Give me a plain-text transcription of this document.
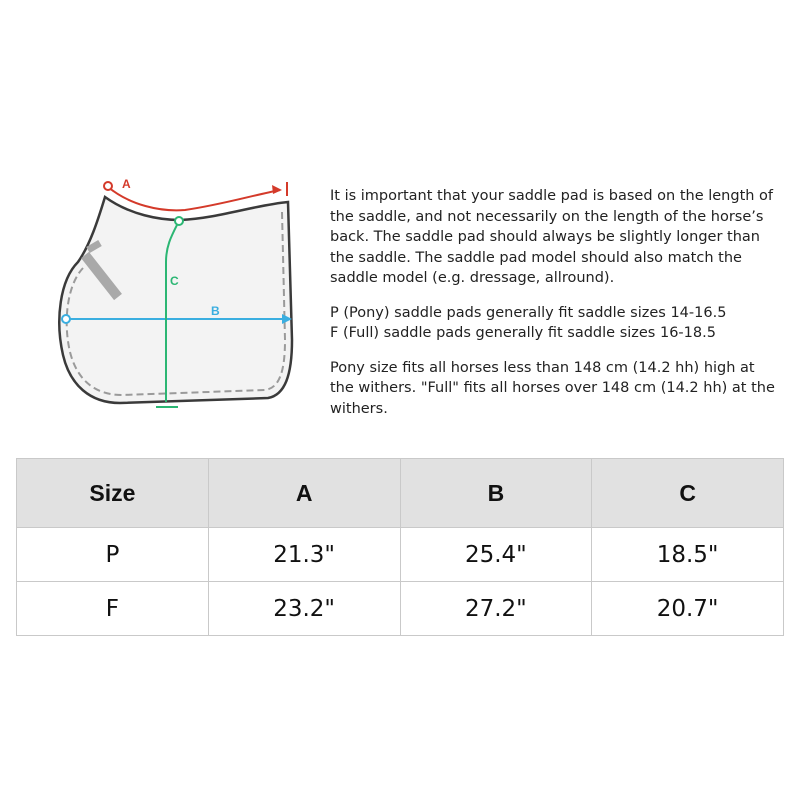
A
B
C

It is important that your saddle pad is based on the length of the saddle, and not necessarily on the length of the horse’s back. The saddle pad should always be slightly longer than the saddle. The saddle pad model should also match the saddle model (e.g. dressage, allround).

P (Pony) saddle pads generally fit saddle sizes 14-16.5

F (Full) saddle pads generally fit saddle sizes 16-18.5

Pony size fits all horses less than 148 cm (14.2 hh) high at the withers. "Full" fits all horses over 148 cm (14.2 hh) at the withers.

Size	A	B	C
P	21.3"	25.4"	18.5"
F	23.2"	27.2"	20.7"
